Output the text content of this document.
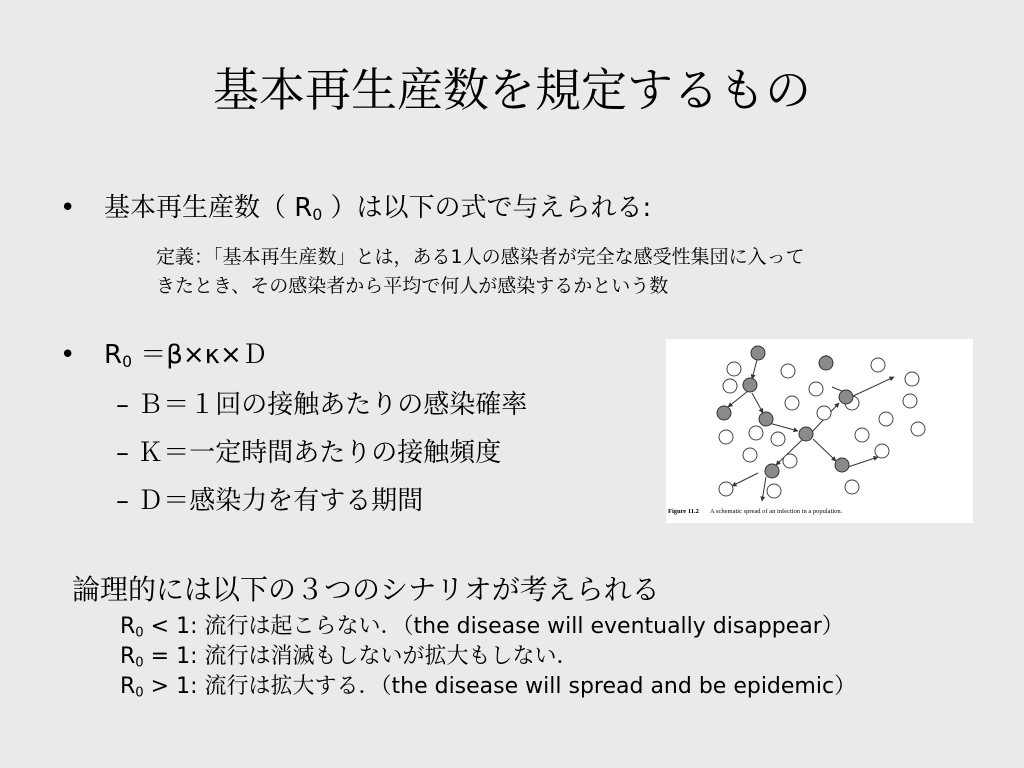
基本再生産数を規定するもの
• 基本再生産数（ $R_0$ ）は以下の式で与えられる:
定義：「基本再生産数」とは，ある1人の感染者が完全な感受性集団に入って
きたとき、その感染者から平均で何人が感染するかという数
• $R_0$ ＝β×κ×Ｄ
– Ｂ＝１回の接触あたりの感染確率
– Ｋ＝一定時間あたりの接触頻度
– Ｄ＝感染力を有する期間	Figure 11.2 A schematic spread of an infection in a population.
論理的には以下の３つのシナリオが考えられる
$R_0 < 1$: 流行は起こらない．（the disease will eventually disappear）
$R_0 = 1$: 流行は消滅もしないが拡大もしない．
$R_0 > 1$: 流行は拡大する．（the disease will spread and be epidemic）
